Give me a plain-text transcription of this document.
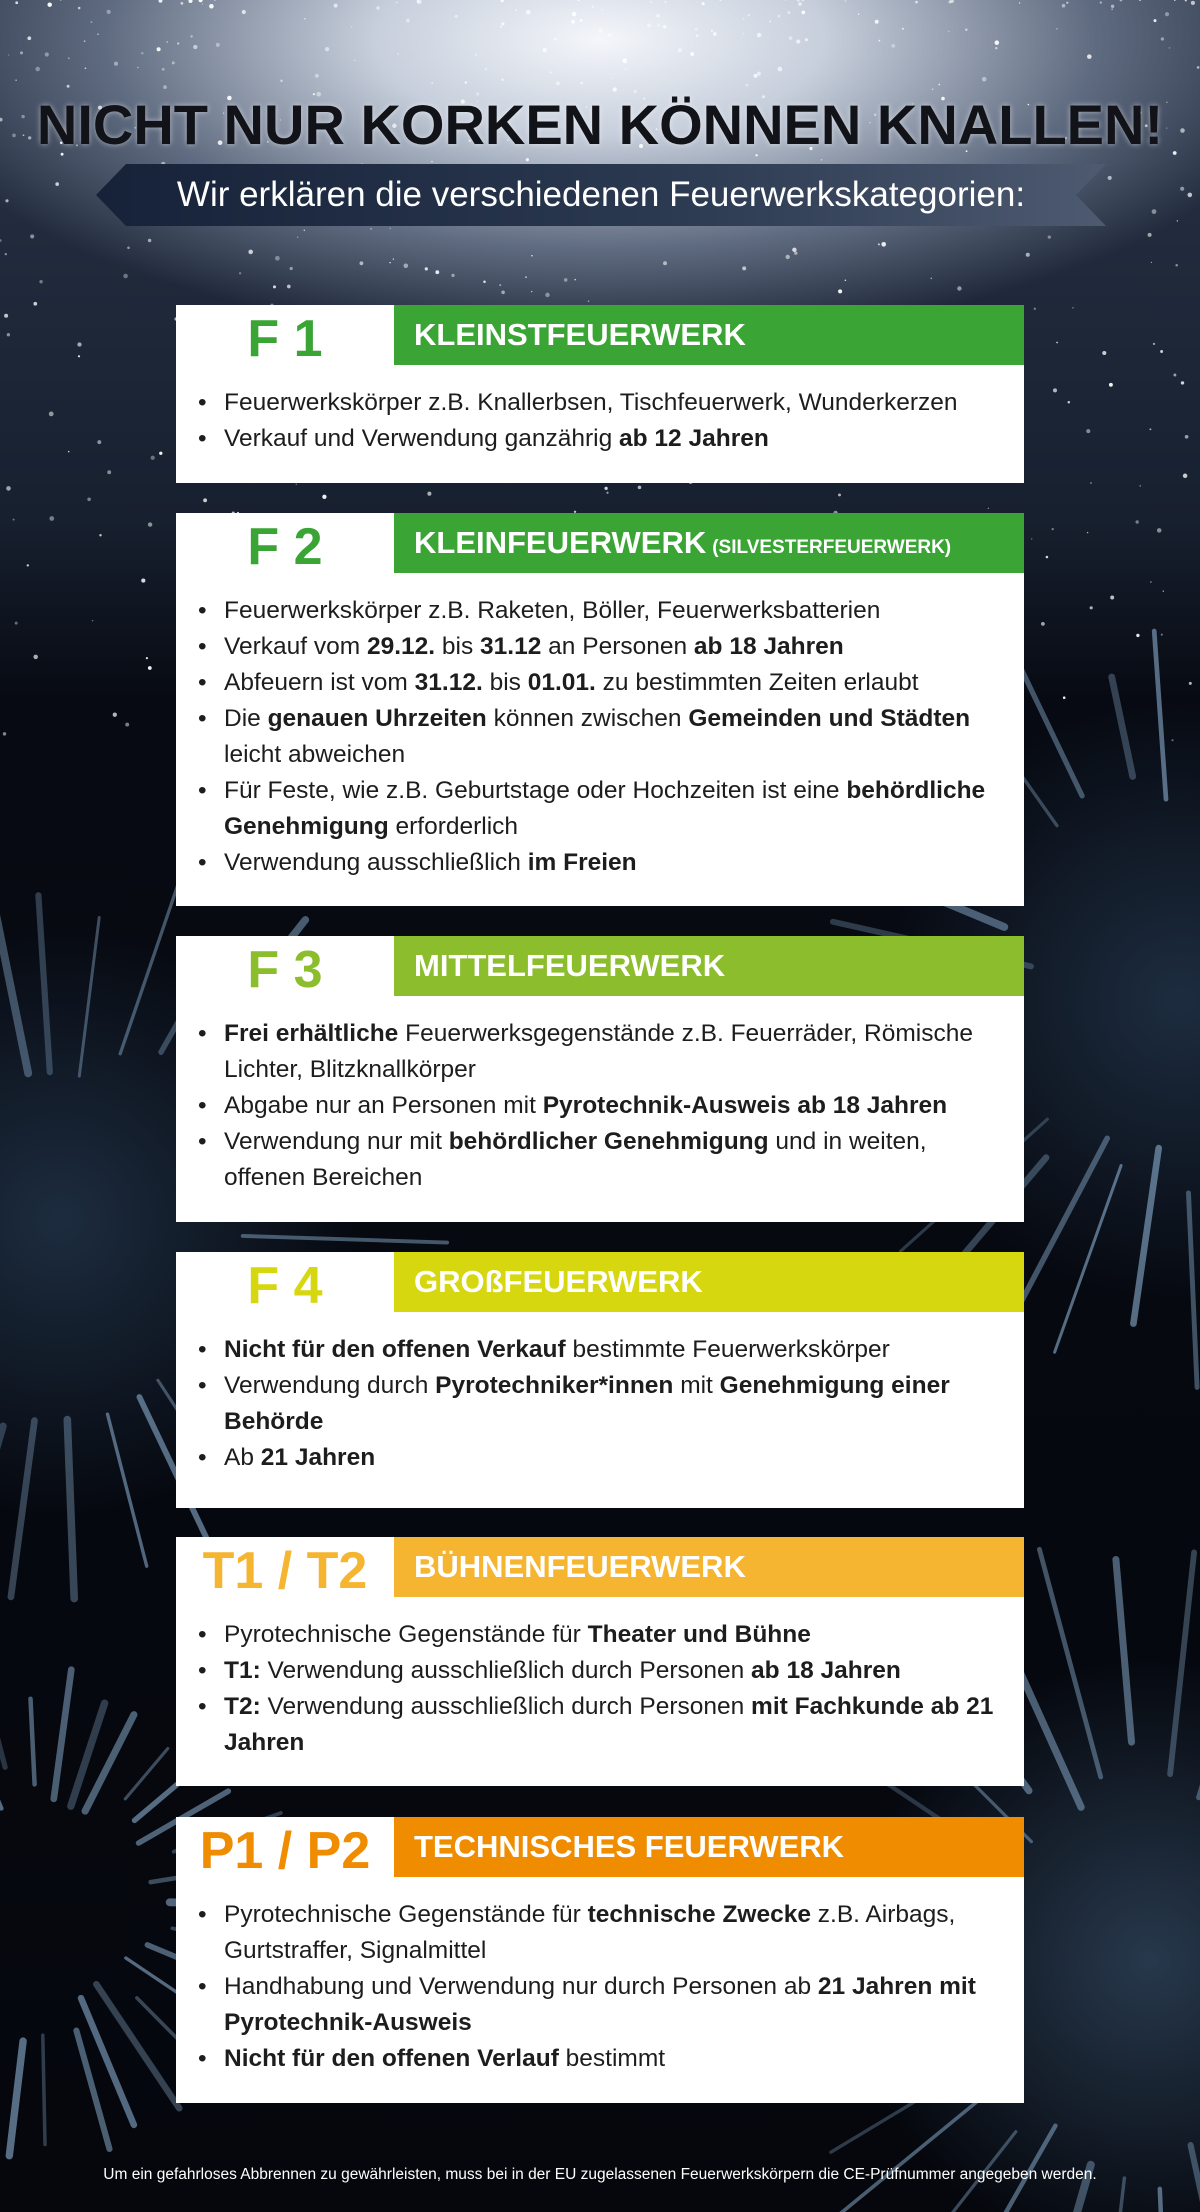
NICHT NUR KORKEN KÖNNEN KNALLEN!
Wir erklären die verschiedenen Feuerwerkskategorien:
F 1	KLEINSTFEUERWERK
• Feuerwerkskörper z.B. Knallerbsen, Tischfeuerwerk, Wunderkerzen
• Verkauf und Verwendung ganzährig ab 12 Jahren
F 2	KLEINFEUERWERK (SILVESTERFEUERWERK)
• Feuerwerkskörper z.B. Raketen, Böller, Feuerwerksbatterien
• Verkauf vom 29.12. bis 31.12 an Personen ab 18 Jahren
• Abfeuern ist vom 31.12. bis 01.01. zu bestimmten Zeiten erlaubt
• Die genauen Uhrzeiten können zwischen Gemeinden und Städten leicht abweichen
• Für Feste, wie z.B. Geburtstage oder Hochzeiten ist eine behördliche Genehmigung erforderlich
• Verwendung ausschließlich im Freien
F 3	MITTELFEUERWERK
• Frei erhältliche Feuerwerksgegenstände z.B. Feuerräder, Römische Lichter, Blitzknallkörper
• Abgabe nur an Personen mit Pyrotechnik-Ausweis ab 18 Jahren
• Verwendung nur mit behördlicher Genehmigung und in weiten, offenen Bereichen
F 4	GROßFEUERWERK
• Nicht für den offenen Verkauf bestimmte Feuerwerkskörper
• Verwendung durch Pyrotechniker*innen mit Genehmigung einer Behörde
• Ab 21 Jahren
T1 / T2	BÜHNENFEUERWERK
• Pyrotechnische Gegenstände für Theater und Bühne
• T1: Verwendung ausschließlich durch Personen ab 18 Jahren
• T2: Verwendung ausschließlich durch Personen mit Fachkunde ab 21 Jahren
P1 / P2	TECHNISCHES FEUERWERK
• Pyrotechnische Gegenstände für technische Zwecke z.B. Airbags, Gurtstraffer, Signalmittel
• Handhabung und Verwendung nur durch Personen ab 21 Jahren mit Pyrotechnik-Ausweis
• Nicht für den offenen Verlauf bestimmt
Um ein gefahrloses Abbrennen zu gewährleisten, muss bei in der EU zugelassenen Feuerwerkskörpern die CE-Prüfnummer angegeben werden.
